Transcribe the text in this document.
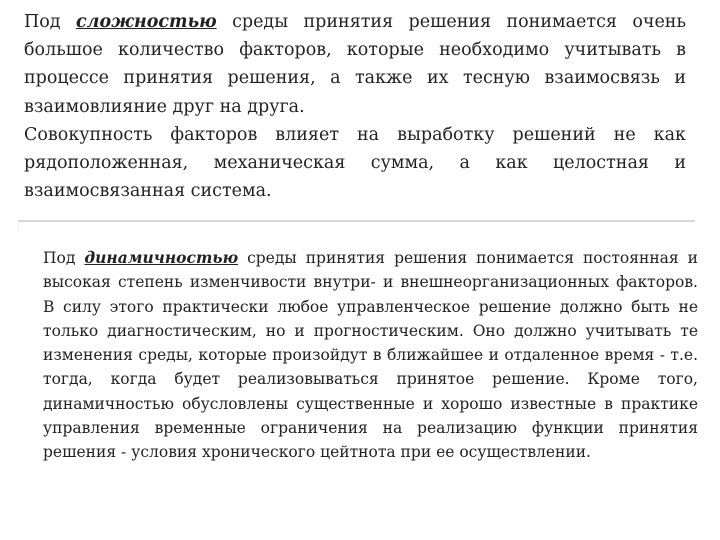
Под сложностью среды принятия решения понимается очень большое количество факторов, которые необходимо учитывать в процессе принятия решения, а также их тесную взаимосвязь и взаимовлияние друг на друга.

Совокупность факторов влияет на выработку решений не как рядоположенная, механическая сумма, а как целостная и взаимосвязанная система.

Под динамичностью среды принятия решения понимается постоянная и высокая степень изменчивости внутри- и внешнеорганизационных факторов. В силу этого практически любое управленческое решение должно быть не только диагностическим, но и прогностическим. Оно должно учитывать те изменения среды, которые произойдут в ближайшее и отдаленное время - т.е. тогда, когда будет реализовываться принятое решение. Кроме того, динамичностью обусловлены существенные и хорошо известные в практике управления временные ограничения на реализацию функции принятия решения - условия хронического цейтнота при ее осуществлении.
